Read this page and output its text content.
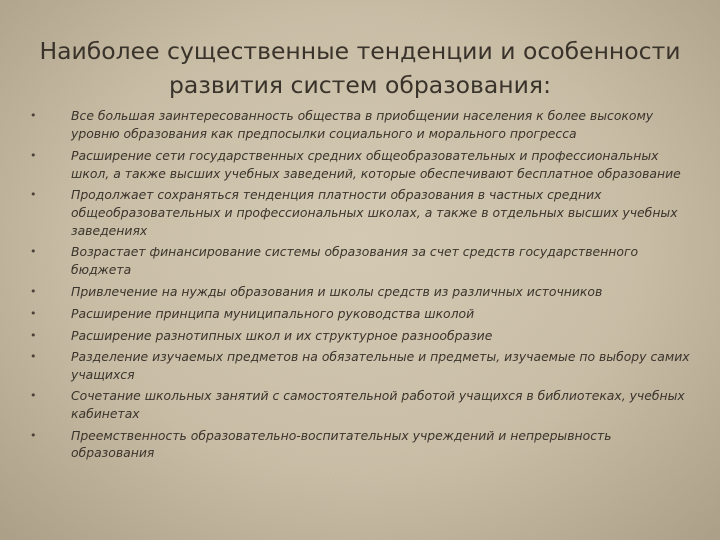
Наиболее существенные тенденции и особенности
развития систем образования:
•	Все большая заинтересованность общества в приобщении населения к более высокому уровню образования как предпосылки социального и морального прогресса
•	Расширение сети государственных средних общеобразовательных и профессиональных школ, а также высших учебных заведений, которые обеспечивают бесплатное образование
•	Продолжает сохраняться тенденция платности образования в частных средних общеобразовательных и профессиональных школах, а также в отдельных высших учебных заведениях
•	Возрастает финансирование системы образования за счет средств государственного бюджета
•	Привлечение на нужды образования и школы средств из различных источников
•	Расширение принципа муниципального руководства школой
•	Расширение разнотипных школ и их структурное разнообразие
•	Разделение изучаемых предметов на обязательные и предметы, изучаемые по выбору самих учащихся
•	Сочетание школьных занятий с самостоятельной работой учащихся в библиотеках, учебных кабинетах
•	Преемственность образовательно-воспитательных учреждений и непрерывность образования
